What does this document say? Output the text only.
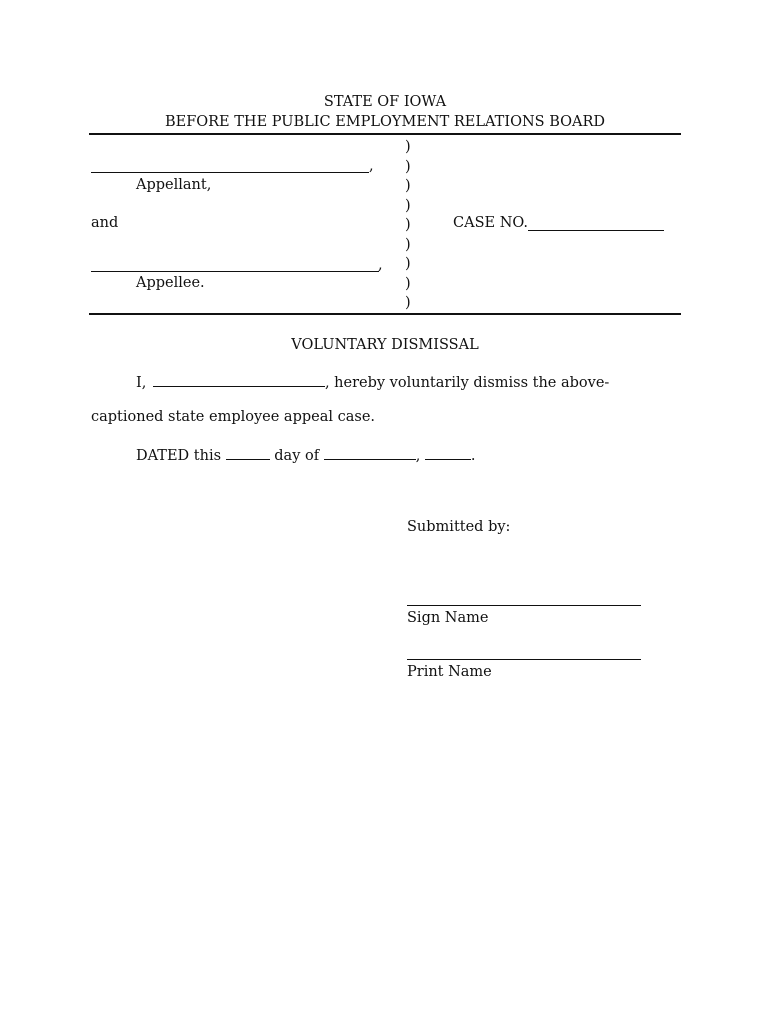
STATE OF IOWA
BEFORE THE PUBLIC EMPLOYMENT RELATIONS BOARD
,
Appellant,
and
,
Appellee.
)
)
)
)
)
)
)
)
)
CASE NO.
VOLUNTARY DISMISSAL
I,	, hereby voluntarily dismiss the above-
captioned state employee appeal case.
DATED this	day of	,	.
Submitted by:
Sign Name
Print Name
